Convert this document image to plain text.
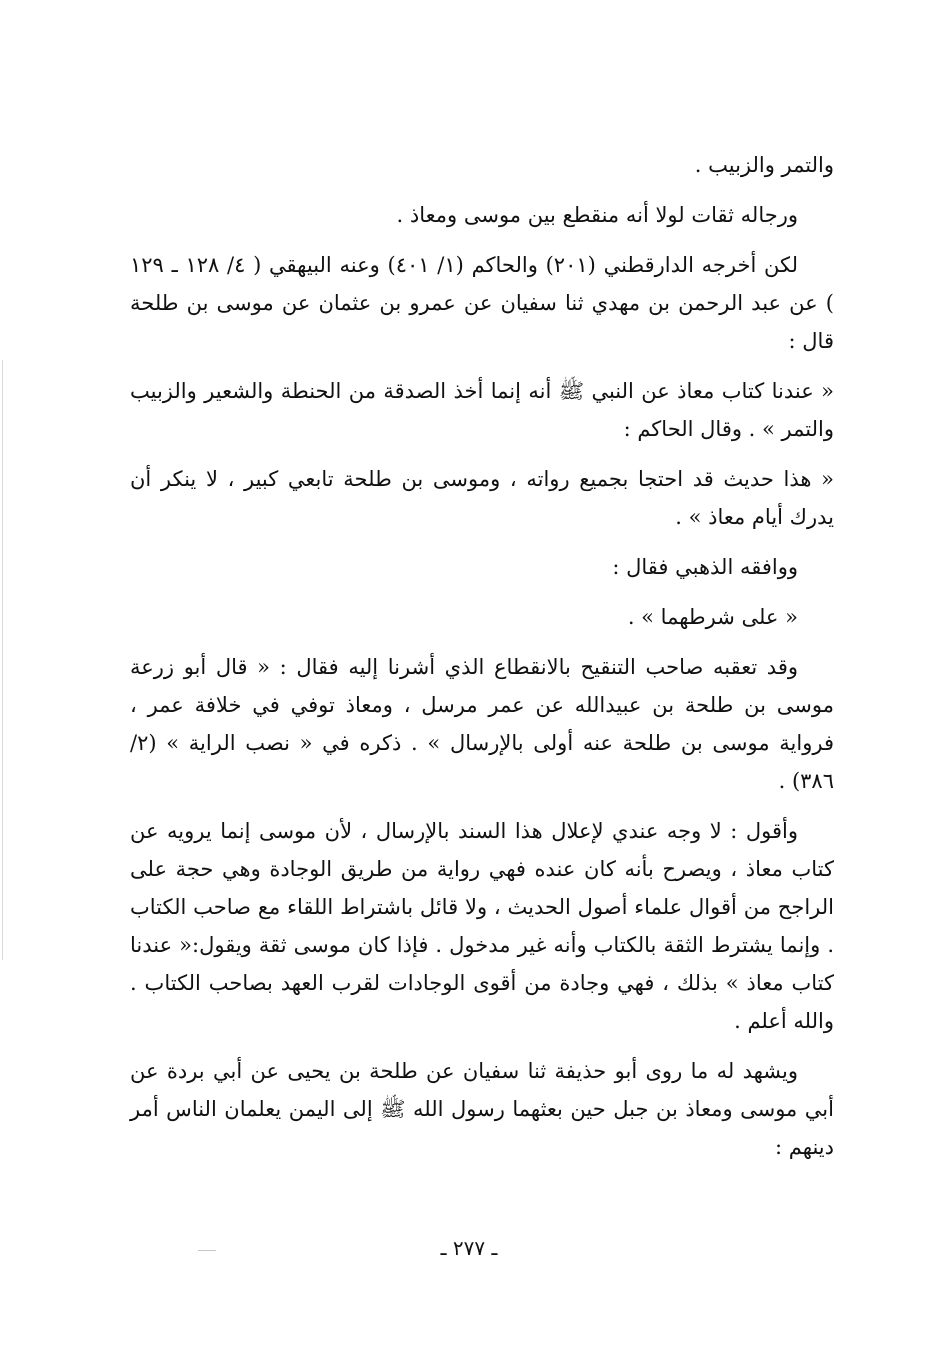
والتمر والزبيب .

ورجاله ثقات لولا أنه منقطع بين موسى ومعاذ .

لكن أخرجه الدارقطني (٢٠١) والحاكم (١/ ٤٠١) وعنه البيهقي ( ٤/ ١٢٨ ـ ١٢٩ ) عن عبد الرحمن بن مهدي ثنا سفيان عن عمرو بن عثمان عن موسى بن طلحة قال :

« عندنا كتاب معاذ عن النبي ﷺ أنه إنما أخذ الصدقة من الحنطة والشعير والزبيب والتمر » . وقال الحاكم :

« هذا حديث قد احتجا بجميع رواته ، وموسى بن طلحة تابعي كبير ، لا ينكر أن يدرك أيام معاذ » .

ووافقه الذهبي فقال :

« على شرطهما » .

وقد تعقبه صاحب التنقيح بالانقطاع الذي أشرنا إليه فقال : « قال أبو زرعة موسى بن طلحة بن عبيدالله عن عمر مرسل ، ومعاذ توفي في خلافة عمر ، فرواية موسى بن طلحة عنه أولى بالإرسال » . ذكره في « نصب الراية » (٢/ ٣٨٦) .

وأقول : لا وجه عندي لإعلال هذا السند بالإرسال ، لأن موسى إنما يرويه عن كتاب معاذ ، ويصرح بأنه كان عنده فهي رواية من طريق الوجادة وهي حجة على الراجح من أقوال علماء أصول الحديث ، ولا قائل باشتراط اللقاء مع صاحب الكتاب . وإنما يشترط الثقة بالكتاب وأنه غير مدخول . فإذا كان موسى ثقة ويقول:« عندنا كتاب معاذ » بذلك ، فهي وجادة من أقوى الوجادات لقرب العهد بصاحب الكتاب . والله أعلم .

ويشهد له ما روى أبو حذيفة ثنا سفيان عن طلحة بن يحيى عن أبي بردة عن أبي موسى ومعاذ بن جبل حين بعثهما رسول الله ﷺ إلى اليمن يعلمان الناس أمر دينهم :

ـ ٢٧٧ ـ
